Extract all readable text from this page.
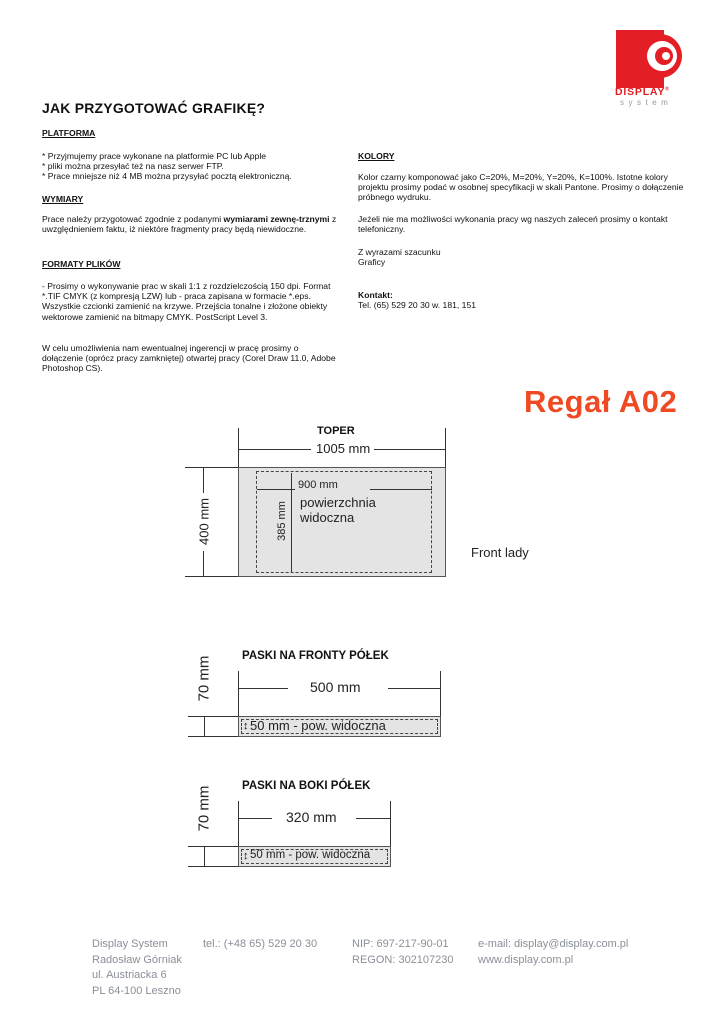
DISPLAY®
system
JAK PRZYGOTOWAĆ GRAFIKĘ?
PLATFORMA
* Przyjmujemy prace wykonane na platformie PC lub Apple
* pliki można przesyłać też na nasz serwer FTP.
* Prace mniejsze niż 4 MB można przysyłać pocztą elektroniczną.
WYMIARY
Prace należy przygotować zgodnie z podanymi wymiarami zewnę-trznymi z uwzględnieniem faktu, iż niektóre fragmenty pracy będą niewidoczne.
FORMATY PLIKÓW
- Prosimy o wykonywanie prac w skali 1:1 z rozdzielczością 150 dpi. Format *.TIF CMYK (z kompresją LZW) lub - praca zapisana w formacie *.eps. Wszystkie czcionki zamienić na krzywe. Przejścia tonalne i złożone obiekty wektorowe zamienić na bitmapy CMYK. PostScript Level 3.
W celu umożliwienia nam ewentualnej ingerencji w pracę prosimy o dołączenie (oprócz pracy zamkniętej) otwartej pracy (Corel Draw 11.0, Adobe Photoshop CS).
KOLORY
Kolor czarny komponować jako C=20%, M=20%, Y=20%, K=100%. Istotne kolory projektu prosimy podać w osobnej specyfikacji w skali Pantone. Prosimy o dołączenie próbnego wydruku.
Jeżeli nie ma możliwości wykonania pracy wg naszych zaleceń prosimy o kontakt telefoniczny.
Z wyrazami szacunku
Graficy
Kontakt:
Tel. (65) 529 20 30 w. 181, 151
Regał A02
TOPER
1005 mm
400 mm
900 mm
385 mm powierzchnia
widoczna
Front lady
PASKI NA FRONTY PÓŁEK
70 mm	500 mm
↕ 50 mm - pow. widoczna
PASKI NA BOKI PÓŁEK
70 mm	320 mm
↕ 50 mm - pow. widoczna
Display System
Radosław Górniak
ul. Austriacka 6
PL 64-100 Leszno
tel.: (+48 65) 529 20 30	NIP: 697-217-90-01
REGON: 302107230
e-mail: display@display.com.pl
www.display.com.pl
